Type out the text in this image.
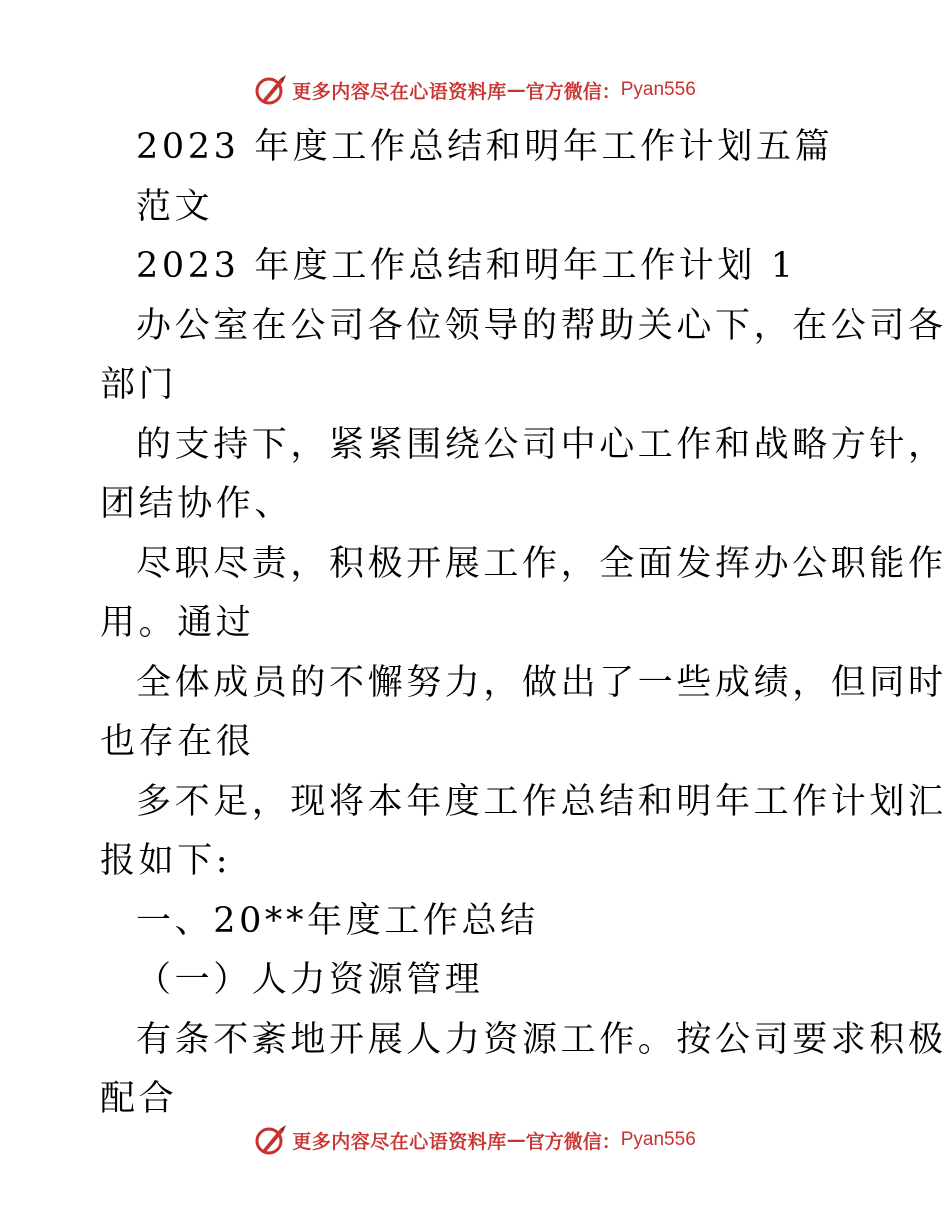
更多内容尽在心语资料库 — 官方微信： Pyan556
2023 年度工作总结和明年工作计划五篇
范文
2023 年度工作总结和明年工作计划 1
办公室在公司各位领导的帮助关心下，在公司各
部门
的支持下，紧紧围绕公司中心工作和战略方针，
团结协作、
尽职尽责，积极开展工作，全面发挥办公职能作
用。通过
全体成员的不懈努力，做出了一些成绩，但同时
也存在很
多不足，现将本年度工作总结和明年工作计划汇
报如下:
一、20**年度工作总结
（一）人力资源管理
有条不紊地开展人力资源工作。按公司要求积极
配合
更多内容尽在心语资料库 — 官方微信： Pyan556
